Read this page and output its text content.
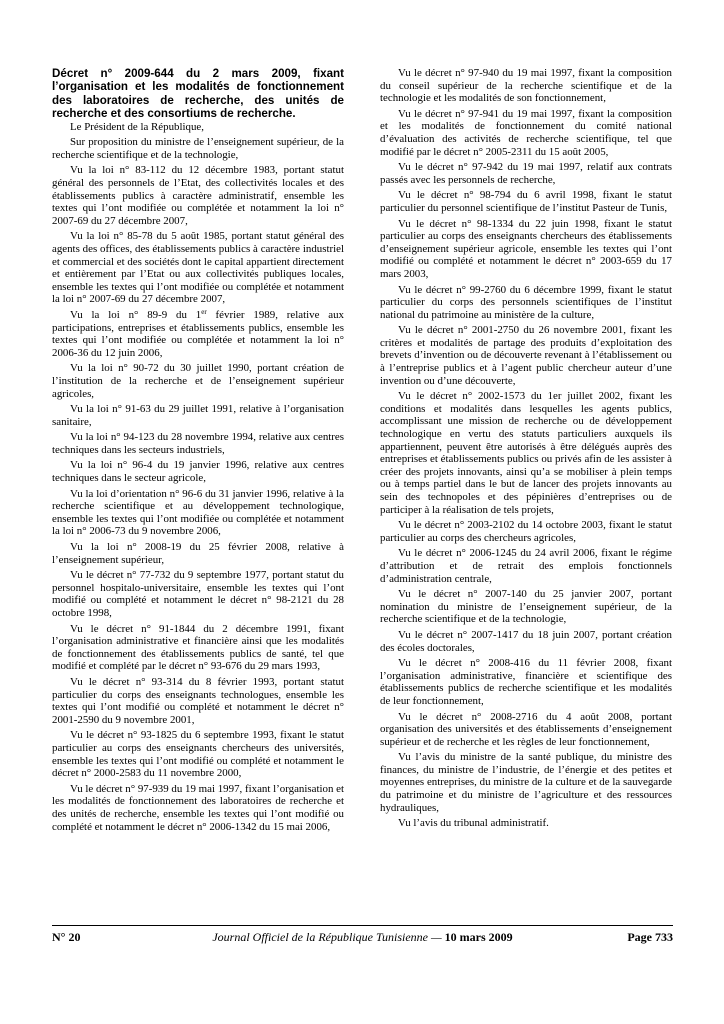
Décret n° 2009-644 du 2 mars 2009, fixant l’organisation et les modalités de fonctionnement des laboratoires de recherche, des unités de recherche et des consortiums de recherche.
Le Président de la République,
Sur proposition du ministre de l’enseignement supérieur, de la recherche scientifique et de la technologie,
Vu la loi n° 83-112 du 12 décembre 1983, portant statut général des personnels de l’Etat, des collectivités locales et des établissements publics à caractère administratif, ensemble les textes qui l’ont modifiée ou complétée et notamment la loi n° 2007-69 du 27 décembre 2007,
Vu la loi n° 85-78 du 5 août 1985, portant statut général des agents des offices, des établissements publics à caractère industriel et commercial et des sociétés dont le capital appartient directement et entièrement par l’Etat ou aux collectivités publiques locales, ensemble les textes qui l’ont modifiée ou complétée et notamment la loi n° 2007-69 du 27 décembre 2007,
Vu la loi n° 89-9 du 1er février 1989, relative aux participations, entreprises et établissements publics, ensemble les textes qui l’ont modifiée ou complétée et notamment la loi n° 2006-36 du 12 juin 2006,
Vu la loi n° 90-72 du 30 juillet 1990, portant création de l’institution de la recherche et de l’enseignement supérieur agricoles,
Vu la loi n° 91-63 du 29 juillet 1991, relative à l’organisation sanitaire,
Vu la loi n° 94-123 du 28 novembre 1994, relative aux centres techniques dans les secteurs industriels,
Vu la loi n° 96-4 du 19 janvier 1996, relative aux centres techniques dans le secteur agricole,
Vu la loi d’orientation n° 96-6 du 31 janvier 1996, relative à la recherche scientifique et au développement technologique, ensemble les textes qui l’ont modifiée ou complétée et notamment la loi n° 2006-73 du 9 novembre 2006,
Vu la loi n° 2008-19 du 25 février 2008, relative à l’enseignement supérieur,
Vu le décret n° 77-732 du 9 septembre 1977, portant statut du personnel hospitalo-universitaire, ensemble les textes qui l’ont modifié ou complété et notamment le décret n° 98-2121 du 28 octobre 1998,
Vu le décret n° 91-1844 du 2 décembre 1991, fixant l’organisation administrative et financière ainsi que les modalités de fonctionnement des établissements publics de santé, tel que modifié et complété par le décret n° 93-676 du 29 mars 1993,
Vu le décret n° 93-314 du 8 février 1993, portant statut particulier du corps des enseignants technologues, ensemble les textes qui l’ont modifié ou complété et notamment le décret n° 2001-2590 du 9 novembre 2001,
Vu le décret n° 93-1825 du 6 septembre 1993, fixant le statut particulier au corps des enseignants chercheurs des universités, ensemble les textes qui l’ont modifié ou complété et notamment le décret n° 2000-2583 du 11 novembre 2000,
Vu le décret n° 97-939 du 19 mai 1997, fixant l’organisation et les modalités de fonctionnement des laboratoires de recherche et des unités de recherche, ensemble les textes qui l’ont modifié ou complété et notamment le décret n° 2006-1342 du 15 mai 2006,
Vu le décret n° 97-940 du 19 mai 1997, fixant la composition du conseil supérieur de la recherche scientifique et de la technologie et les modalités de son fonctionnement,
Vu le décret n° 97-941 du 19 mai 1997, fixant la composition et les modalités de fonctionnement du comité national d’évaluation des activités de recherche scientifique, tel que modifié par le décret n° 2005-2311 du 15 août 2005,
Vu le décret n° 97-942 du 19 mai 1997, relatif aux contrats passés avec les personnels de recherche,
Vu le décret n° 98-794 du 6 avril 1998, fixant le statut particulier du personnel scientifique de l’institut Pasteur de Tunis,
Vu le décret n° 98-1334 du 22 juin 1998, fixant le statut particulier au corps des enseignants chercheurs des établissements d’enseignement supérieur agricole, ensemble les textes qui l’ont modifié ou complété et notamment le décret n° 2003-659 du 17 mars 2003,
Vu le décret n° 99-2760 du 6 décembre 1999, fixant le statut particulier du corps des personnels scientifiques de l’institut national du patrimoine au ministère de la culture,
Vu le décret n° 2001-2750 du 26 novembre 2001, fixant les critères et modalités de partage des produits d’exploitation des brevets d’invention ou de découverte revenant à l’établissement ou à l’entreprise publics et à l’agent public chercheur auteur d’une invention ou d’une découverte,
Vu le décret n° 2002-1573 du 1er juillet 2002, fixant les conditions et modalités dans lesquelles les agents publics, accomplissant une mission de recherche ou de développement technologique en vertu des statuts particuliers auxquels ils appartiennent, peuvent être autorisés à être délégués auprès des entreprises et établissements publics ou privés afin de les assister à créer des projets innovants, ainsi qu’a se mobiliser à plein temps ou à temps partiel dans le but de lancer des projets innovants au sein des technopoles et des pépinières d’entreprises ou de participer à la réalisation de tels projets,
Vu le décret n° 2003-2102 du 14 octobre 2003, fixant le statut particulier au corps des chercheurs agricoles,
Vu le décret n° 2006-1245 du 24 avril 2006, fixant le régime d’attribution et de retrait des emplois fonctionnels d’administration centrale,
Vu le décret n° 2007-140 du 25 janvier 2007, portant nomination du ministre de l’enseignement supérieur, de la recherche scientifique et de la technologie,
Vu le décret n° 2007-1417 du 18 juin 2007, portant création des écoles doctorales,
Vu le décret n° 2008-416 du 11 février 2008, fixant l’organisation administrative, financière et scientifique des établissements publics de recherche scientifique et les modalités de leur fonctionnement,
Vu le décret n° 2008-2716 du 4 août 2008, portant organisation des universités et des établissements d’enseignement supérieur et de recherche et les règles de leur fonctionnement,
Vu l’avis du ministre de la santé publique, du ministre des finances, du ministre de l’industrie, de l’énergie et des petites et moyennes entreprises, du ministre de la culture et de la sauvegarde du patrimoine et du ministre de l’agriculture et des ressources hydrauliques,
Vu l’avis du tribunal administratif.
N° 20	Journal Officiel de la République Tunisienne — 10 mars 2009	Page 733
